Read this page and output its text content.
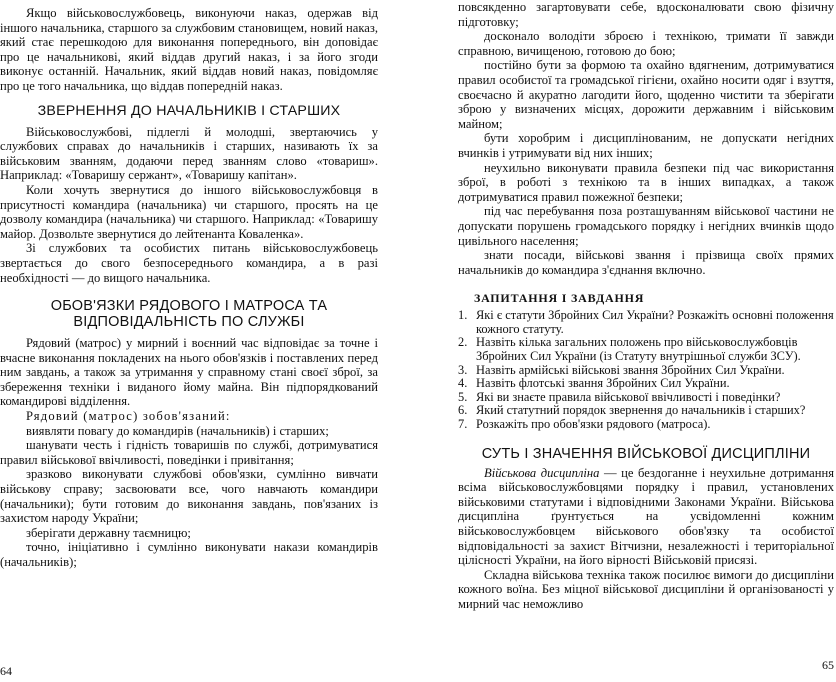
Якщо військовослужбовець, виконуючи наказ, одержав від іншого начальника, старшого за службовим становищем, новий наказ, який стає перешкодою для виконання попереднього, він доповідає про це начальникові, який віддав другий наказ, і за його згоди виконує останній. Начальник, який віддав новий наказ, повідомляє про це того начальника, що віддав попередній наказ.

ЗВЕРНЕННЯ ДО НАЧАЛЬНИКІВ І СТАРШИХ

Військовослужбові, підлеглі й молодші, звертаючись у службових справах до начальників і старших, називають їх за військовим званням, додаючи перед званням слово «товариш». Наприклад: «Товаришу сержант», «Товаришу капітан».

Коли хочуть звернутися до іншого військовослужбовця в присутності командира (начальника) чи старшого, просять на це дозволу командира (начальника) чи старшого. Наприклад: «Товаришу майор. Дозвольте звернутися до лейтенанта Коваленка».

Зі службових та особистих питань військовослужбовець звертається до свого безпосереднього командира, а в разі необхідності — до вищого начальника.

ОБОВ'ЯЗКИ РЯДОВОГО І МАТРОСА ТА
ВІДПОВІДАЛЬНІСТЬ ПО СЛУЖБІ

Рядовий (матрос) у мирний і воєнний час відповідає за точне і вчасне виконання покладених на нього обов'язків і поставлених перед ним завдань, а також за утримання у справному стані своєї зброї, за збереження техніки і виданого йому майна. Він підпорядкований командирові відділення.

Рядовий (матрос) зобов'язаний:

виявляти повагу до командирів (начальників) і старших;

шанувати честь і гідність товаришів по службі, дотримуватися правил військової ввічливості, поведінки і привітання;

зразково виконувати службові обов'язки, сумлінно вивчати військову справу; засвоювати все, чого навчають командири (начальники); бути готовим до виконання завдань, пов'язаних із захистом народу України;

зберігати державну таємницю;

точно, ініціативно і сумлінно виконувати накази командирів (начальників);

64

повсякденно загартовувати себе, вдосконалювати свою фізичну підготовку;

досконало володіти зброєю і технікою, тримати її завжди справною, вичищеною, готовою до бою;

постійно бути за формою та охайно вдягненим, дотримуватися правил особистої та громадської гігієни, охайно носити одяг і взуття, своєчасно й акуратно лагодити його, щоденно чистити та зберігати зброю у визначених місцях, дорожити державним і військовим майном;

бути хоробрим і дисциплінованим, не допускати негідних вчинків і утримувати від них інших;

неухильно виконувати правила безпеки під час використання зброї, в роботі з технікою та в інших випадках, а також дотримуватися правил пожежної безпеки;

під час перебування поза розташуванням військової частини не допускати порушень громадського порядку і негідних вчинків щодо цивільного населення;

знати посади, військові звання і прізвища своїх прямих начальників до командира з'єднання включно.

ЗАПИТАННЯ І ЗАВДАННЯ
1. Які є статути Збройних Сил України? Розкажіть основні положення кожного статуту.
2. Назвіть кілька загальних положень про військовослужбовців Збройних Сил України (із Статуту внутрішньої служби ЗСУ).
3. Назвіть армійські військові звання Збройних Сил України.
4. Назвіть флотські звання Збройних Сил України.
5. Які ви знаєте правила військової ввічливості і поведінки?
6. Який статутний порядок звернення до начальників і старших?
7. Розкажіть про обов'язки рядового (матроса).
СУТЬ І ЗНАЧЕННЯ ВІЙСЬКОВОЇ ДИСЦИПЛІНИ

Військова дисципліна — це бездоганне і неухильне дотримання всіма військовослужбовцями порядку і правил, установлених військовими статутами і відповідними Законами України. Військова дисципліна ґрунтується на усвідомленні кожним військовослужбовцем військового обов'язку та особистої відповідальності за захист Вітчизни, незалежності і територіальної цілісності України, на його вірності Військовій присязі.

Складна військова техніка також посилює вимоги до дисципліни кожного воїна. Без міцної військової дисципліни й організованості у мирний час неможливо

65
